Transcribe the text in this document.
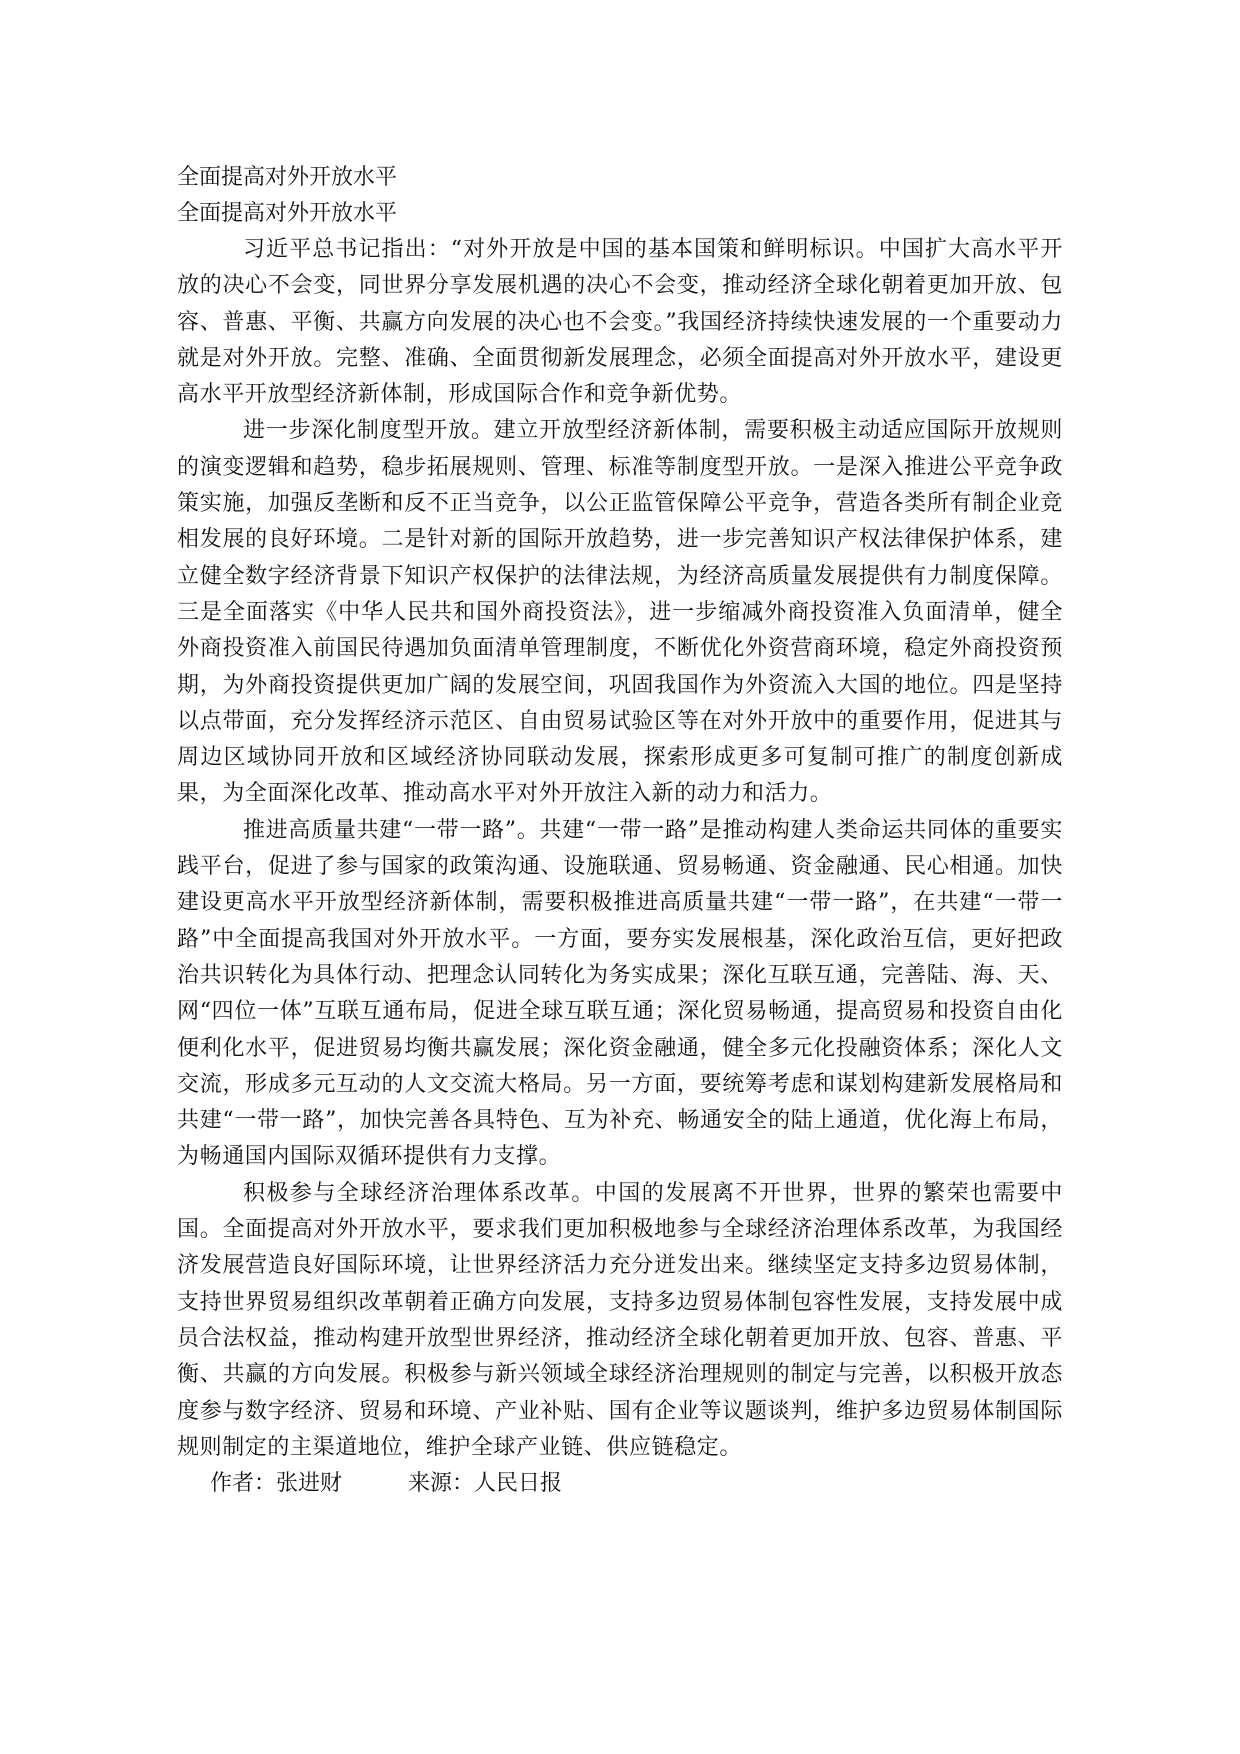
全面提高对外开放水平
全面提高对外开放水平

习近平总书记指出：“对外开放是中国的基本国策和鲜明标识。中国扩大高水平开放的决心不会变，同世界分享发展机遇的决心不会变，推动经济全球化朝着更加开放、包容、普惠、平衡、共赢方向发展的决心也不会变。”我国经济持续快速发展的一个重要动力就是对外开放。完整、准确、全面贯彻新发展理念，必须全面提高对外开放水平，建设更高水平开放型经济新体制，形成国际合作和竞争新优势。

进一步深化制度型开放。建立开放型经济新体制，需要积极主动适应国际开放规则的演变逻辑和趋势，稳步拓展规则、管理、标准等制度型开放。一是深入推进公平竞争政策实施，加强反垄断和反不正当竞争，以公正监管保障公平竞争，营造各类所有制企业竞相发展的良好环境。二是针对新的国际开放趋势，进一步完善知识产权法律保护体系，建立健全数字经济背景下知识产权保护的法律法规，为经济高质量发展提供有力制度保障。三是全面落实《中华人民共和国外商投资法》，进一步缩减外商投资准入负面清单，健全外商投资准入前国民待遇加负面清单管理制度，不断优化外资营商环境，稳定外商投资预期，为外商投资提供更加广阔的发展空间，巩固我国作为外资流入大国的地位。四是坚持以点带面，充分发挥经济示范区、自由贸易试验区等在对外开放中的重要作用，促进其与周边区域协同开放和区域经济协同联动发展，探索形成更多可复制可推广的制度创新成果，为全面深化改革、推动高水平对外开放注入新的动力和活力。

推进高质量共建“一带一路”。共建“一带一路”是推动构建人类命运共同体的重要实践平台，促进了参与国家的政策沟通、设施联通、贸易畅通、资金融通、民心相通。加快建设更高水平开放型经济新体制，需要积极推进高质量共建“一带一路”，在共建“一带一路”中全面提高我国对外开放水平。一方面，要夯实发展根基，深化政治互信，更好把政治共识转化为具体行动、把理念认同转化为务实成果；深化互联互通，完善陆、海、天、网“四位一体”互联互通布局，促进全球互联互通；深化贸易畅通，提高贸易和投资自由化便利化水平，促进贸易均衡共赢发展；深化资金融通，健全多元化投融资体系；深化人文交流，形成多元互动的人文交流大格局。另一方面，要统筹考虑和谋划构建新发展格局和共建“一带一路”，加快完善各具特色、互为补充、畅通安全的陆上通道，优化海上布局，为畅通国内国际双循环提供有力支撑。

积极参与全球经济治理体系改革。中国的发展离不开世界，世界的繁荣也需要中国。全面提高对外开放水平，要求我们更加积极地参与全球经济治理体系改革，为我国经济发展营造良好国际环境，让世界经济活力充分迸发出来。继续坚定支持多边贸易体制，支持世界贸易组织改革朝着正确方向发展，支持多边贸易体制包容性发展，支持发展中成员合法权益，推动构建开放型世界经济，推动经济全球化朝着更加开放、包容、普惠、平衡、共赢的方向发展。积极参与新兴领域全球经济治理规则的制定与完善，以积极开放态度参与数字经济、贸易和环境、产业补贴、国有企业等议题谈判，维护多边贸易体制国际规则制定的主渠道地位，维护全球产业链、供应链稳定。

作者：张进财	来源：人民日报
